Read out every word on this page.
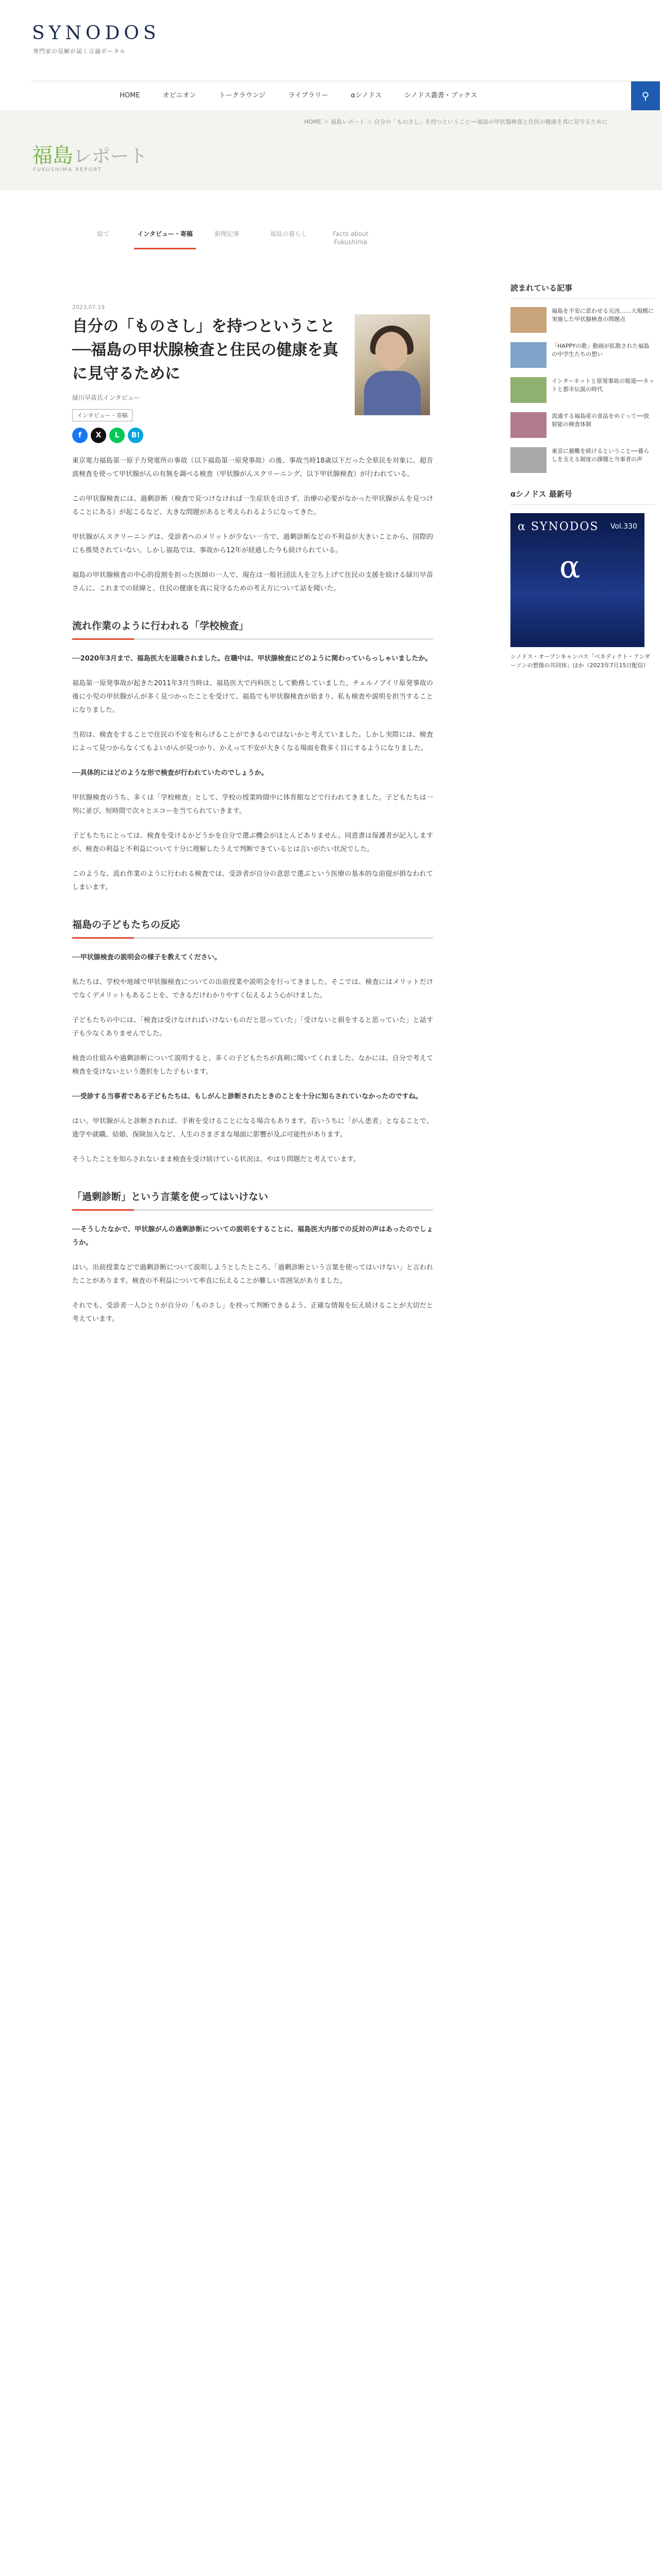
SYNODOS
専門家の見解が届く言論ポータル
HOME	オピニオン	トークラウンジ	ライブラリー	αシノドス	シノドス叢書・ブックス	⚲
HOME ＞ 福島レポート ＞ 自分の「ものさし」を持つということ──福島の甲状腺検査と住民の健康を真に見守るために
福島レポート
FUKUSHIMA REPORT
総て	インタビュー・寄稿	新聞記事	福島の暮らし	Facts about Fukushima
2023.07.19
自分の「ものさし」を持つということ──福島の甲状腺検査と住民の健康を真に見守るために
緑川早苗氏インタビュー
インタビュー・寄稿
f	X	L	B!

東京電力福島第一原子力発電所の事故（以下福島第一原発事故）の後、事故当時18歳以下だった全県民を対象に、超音波検査を使って甲状腺がんの有無を調べる検査（甲状腺がんスクリーニング、以下甲状腺検査）が行われている。

この甲状腺検査には、過剰診断（検査で見つけなければ一生症状を出さず、治療の必要がなかった甲状腺がんを見つけることにある）が起こるなど、大きな問題があると考えられるようになってきた。

甲状腺がんスクリーニングは、受診者へのメリットが少ない一方で、過剰診断などの不利益が大きいことから、国際的にも推奨されていない。しかし福島では、事故から12年が経過した今も続けられている。

福島の甲状腺検査の中心的役割を担った医師の一人で、現在は一般社団法人を立ち上げて住民の支援を続ける緑川早苗さんに、これまでの経緯と、住民の健康を真に見守るための考え方について話を聞いた。

流れ作業のように行われる「学校検査」

──2020年3月まで、福島医大を退職されました。在職中は、甲状腺検査にどのように関わっていらっしゃいましたか。

福島第一原発事故が起きた2011年3月当時は、福島医大で内科医として勤務していました。チェルノブイリ原発事故の後に小児の甲状腺がんが多く見つかったことを受けて、福島でも甲状腺検査が始まり、私も検査や説明を担当することになりました。

当初は、検査をすることで住民の不安を和らげることができるのではないかと考えていました。しかし実際には、検査によって見つからなくてもよいがんが見つかり、かえって不安が大きくなる場面を数多く目にするようになりました。

──具体的にはどのような形で検査が行われていたのでしょうか。

甲状腺検査のうち、多くは「学校検査」として、学校の授業時間中に体育館などで行われてきました。子どもたちは一列に並び、短時間で次々とエコーを当てられていきます。

子どもたちにとっては、検査を受けるかどうかを自分で選ぶ機会がほとんどありません。同意書は保護者が記入しますが、検査の利益と不利益について十分に理解したうえで判断できているとは言いがたい状況でした。

このような、流れ作業のように行われる検査では、受診者が自分の意思で選ぶという医療の基本的な前提が損なわれてしまいます。

福島の子どもたちの反応

──甲状腺検査の説明会の様子を教えてください。

私たちは、学校や地域で甲状腺検査についての出前授業や説明会を行ってきました。そこでは、検査にはメリットだけでなくデメリットもあることを、できるだけわかりやすく伝えるよう心がけました。

子どもたちの中には、「検査は受けなければいけないものだと思っていた」「受けないと損をすると思っていた」と話す子も少なくありませんでした。

検査の仕組みや過剰診断について説明すると、多くの子どもたちが真剣に聞いてくれました。なかには、自分で考えて検査を受けないという選択をした子もいます。

──受診する当事者である子どもたちは、もしがんと診断されたときのことを十分に知らされていなかったのですね。

はい。甲状腺がんと診断されれば、手術を受けることになる場合もあります。若いうちに「がん患者」となることで、進学や就職、結婚、保険加入など、人生のさまざまな場面に影響が及ぶ可能性があります。

そうしたことを知らされないまま検査を受け続けている状況は、やはり問題だと考えています。

「過剰診断」という言葉を使ってはいけない

──そうしたなかで、甲状腺がんの過剰診断についての説明をすることに、福島医大内部での反対の声はあったのでしょうか。

はい。出前授業などで過剰診断について説明しようとしたところ、「過剰診断という言葉を使ってはいけない」と言われたことがあります。検査の不利益について率直に伝えることが難しい雰囲気がありました。

それでも、受診者一人ひとりが自分の「ものさし」を持って判断できるよう、正確な情報を伝え続けることが大切だと考えています。

読まれている記事
福島を不安に思わせる元凶……大規模に実施した甲状腺検査の問題点
「HAPPYの歌」動画が拡散された福島の中学生たちの想い
インターネットと原発事故の報道──ネットと都市伝説の時代
流通する福島産の食品をめぐって──放射能の検査体制
東京に避難を続けるということ──暮らしを支える制度の課題と当事者の声
αシノドス 最新号
α SYNODOS Vol.330
α
シノドス・オープンキャンパス「ベネディクト・アンダーソンの想像の共同体」ほか（2023年7月15日配信）
